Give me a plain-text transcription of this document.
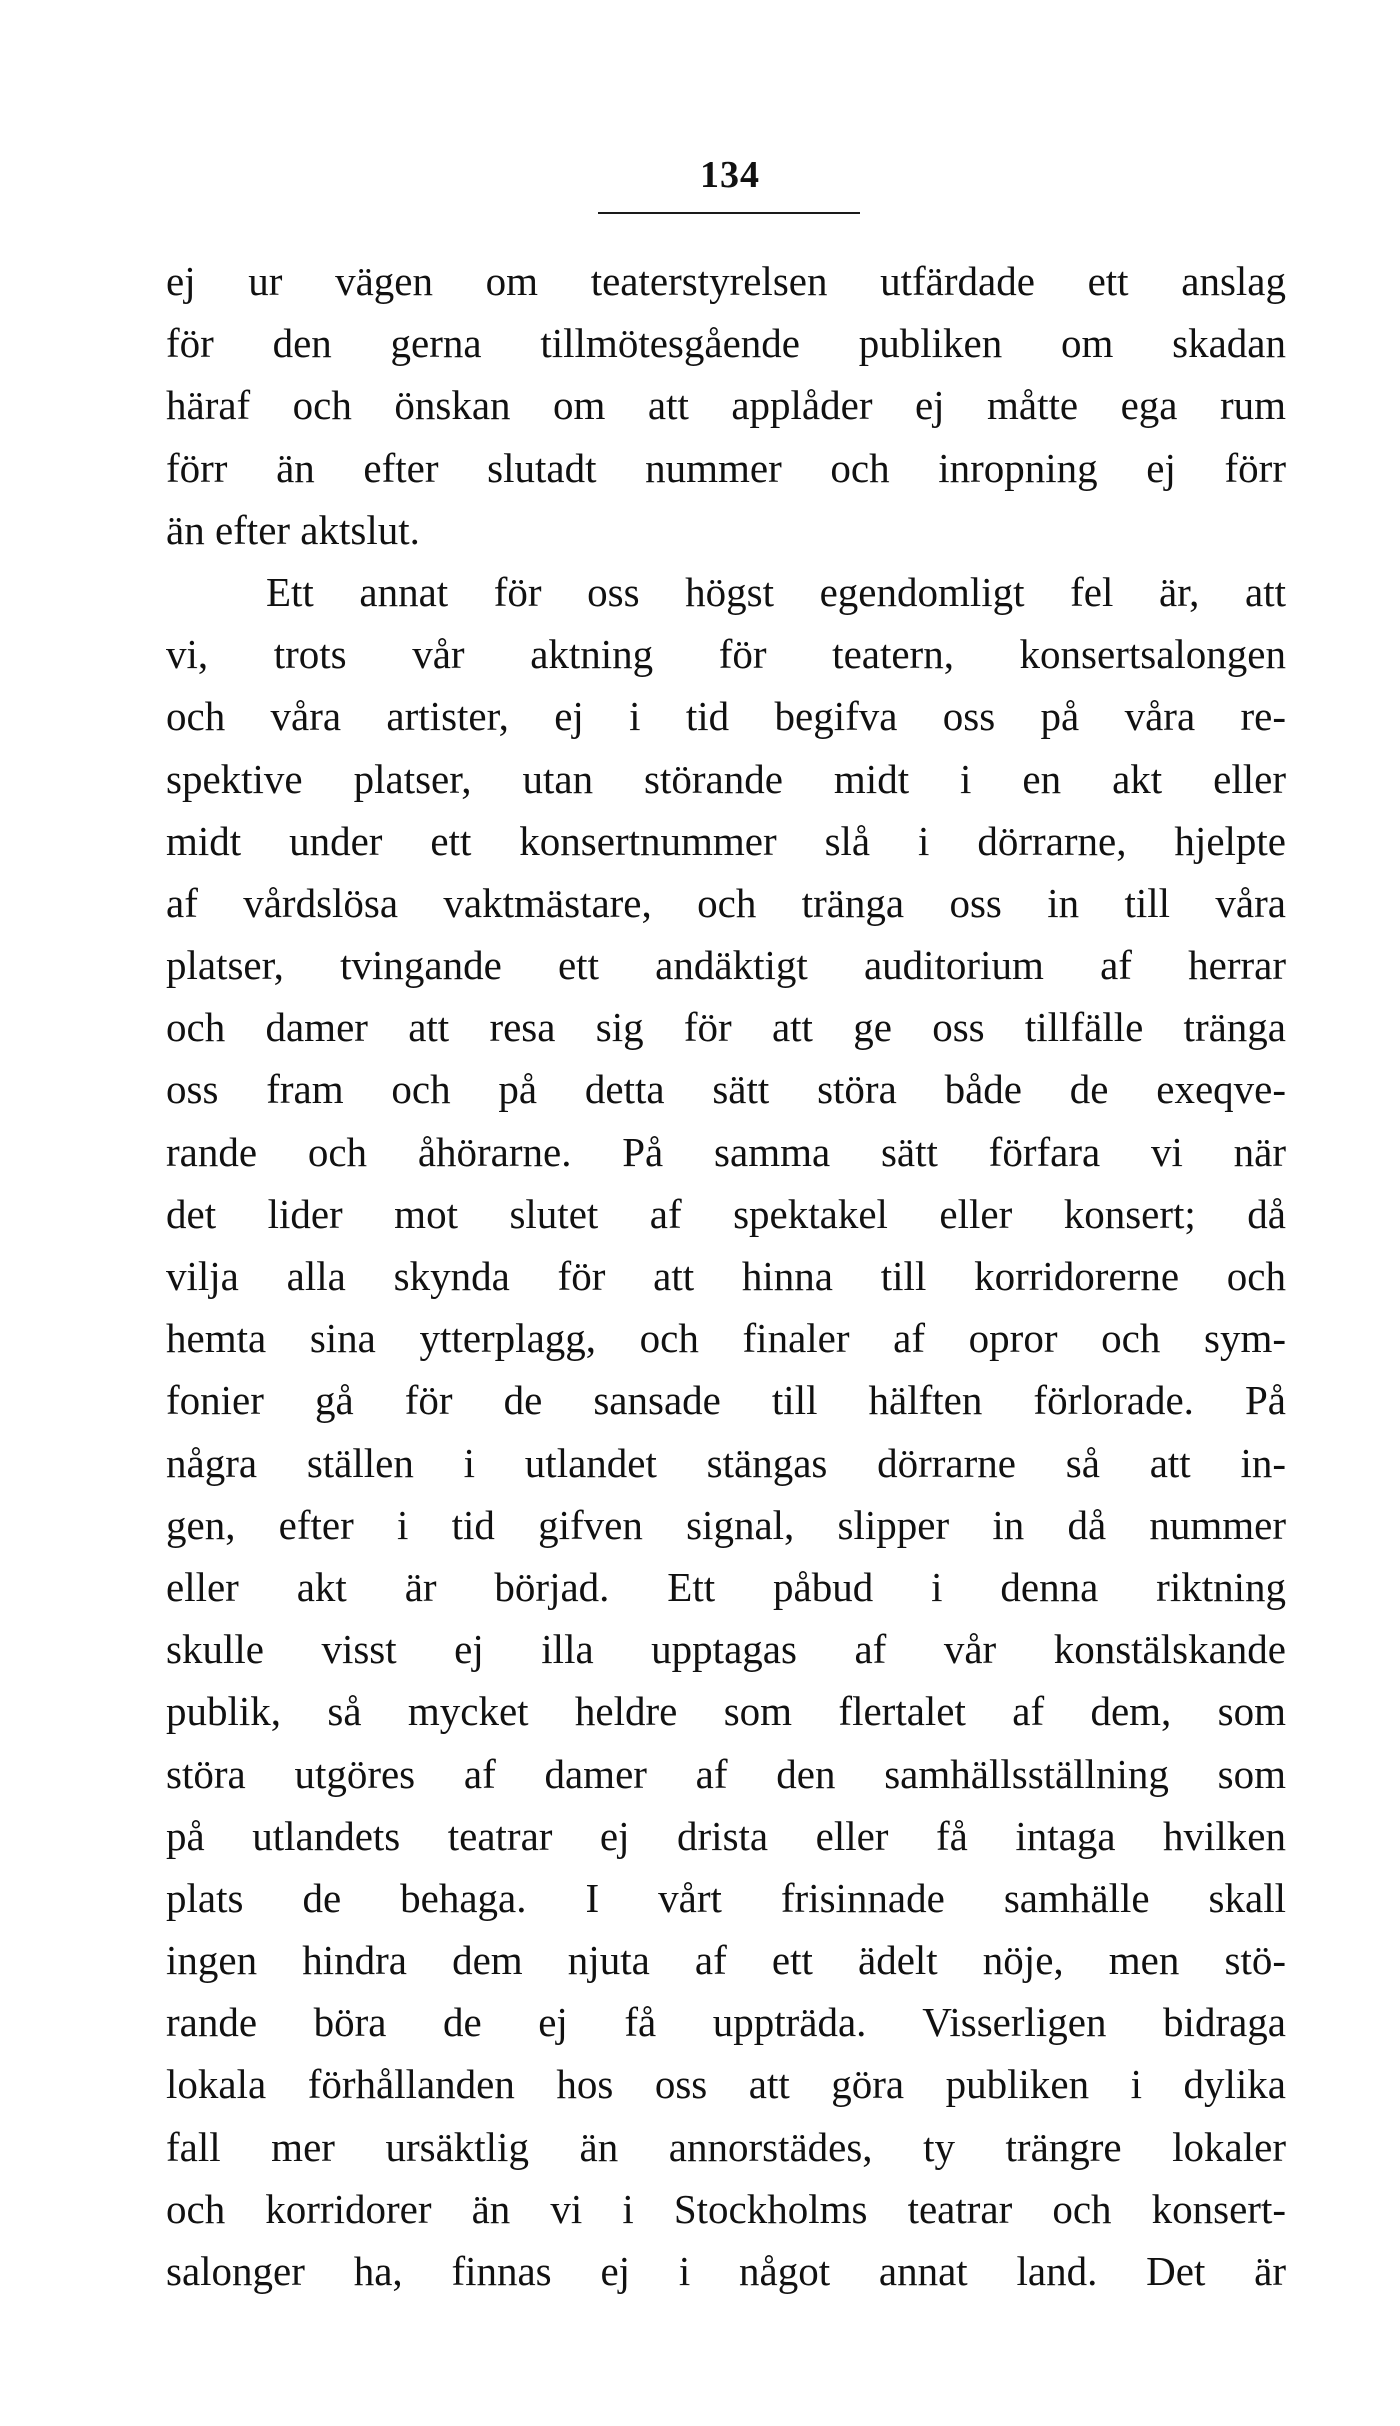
134
ej ur vägen om teaterstyrelsen utfärdade ett anslag
för den gerna tillmötesgående publiken om skadan
häraf och önskan om att applåder ej måtte ega rum
förr än efter slutadt nummer och inropning ej förr
än efter aktslut.
Ett annat för oss högst egendomligt fel är, att
vi, trots vår aktning för teatern, konsertsalongen
och våra artister, ej i tid begifva oss på våra re-
spektive platser, utan störande midt i en akt eller
midt under ett konsertnummer slå i dörrarne, hjelpte
af vårdslösa vaktmästare, och tränga oss in till våra
platser, tvingande ett andäktigt auditorium af herrar
och damer att resa sig för att ge oss tillfälle tränga
oss fram och på detta sätt störa både de exeqve-
rande och åhörarne. På samma sätt förfara vi när
det lider mot slutet af spektakel eller konsert; då
vilja alla skynda för att hinna till korridorerne och
hemta sina ytterplagg, och finaler af opror och sym-
fonier gå för de sansade till hälften förlorade. På
några ställen i utlandet stängas dörrarne så att in-
gen, efter i tid gifven signal, slipper in då nummer
eller akt är börjad. Ett påbud i denna riktning
skulle visst ej illa upptagas af vår konstälskande
publik, så mycket heldre som flertalet af dem, som
störa utgöres af damer af den samhällsställning som
på utlandets teatrar ej drista eller få intaga hvilken
plats de behaga. I vårt frisinnade samhälle skall
ingen hindra dem njuta af ett ädelt nöje, men stö-
rande böra de ej få uppträda. Visserligen bidraga
lokala förhållanden hos oss att göra publiken i dylika
fall mer ursäktlig än annorstädes, ty trängre lokaler
och korridorer än vi i Stockholms teatrar och konsert-
salonger ha, finnas ej i något annat land. Det är
